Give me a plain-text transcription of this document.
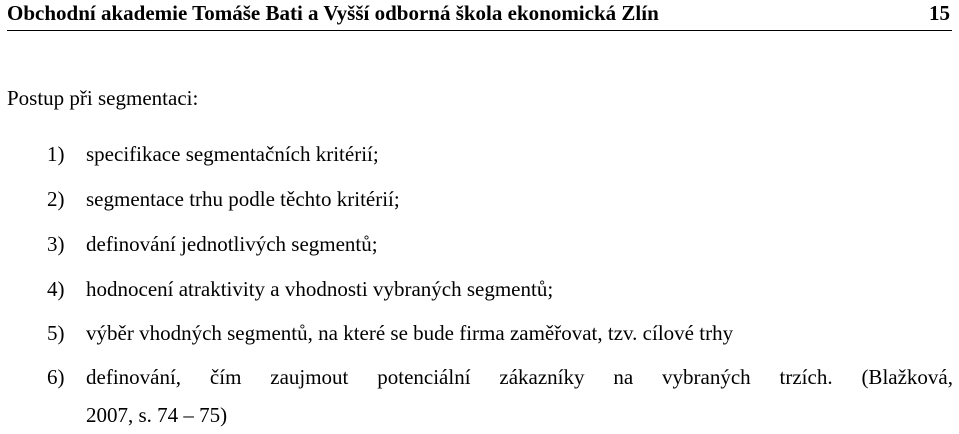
Obchodní akademie Tomáše Bati a Vyšší odborná škola ekonomická Zlín	15
Postup při segmentaci:
1)	specifikace segmentačních kritérií;
2)	segmentace trhu podle těchto kritérií;
3)	definování jednotlivých segmentů;
4)	hodnocení atraktivity a vhodnosti vybraných segmentů;
5)	výběr vhodných segmentů, na které se bude firma zaměřovat, tzv. cílové trhy
6)	definování, čím zaujmout potenciální zákazníky na vybraných trzích. (Blažková,
2007, s. 74 – 75)
